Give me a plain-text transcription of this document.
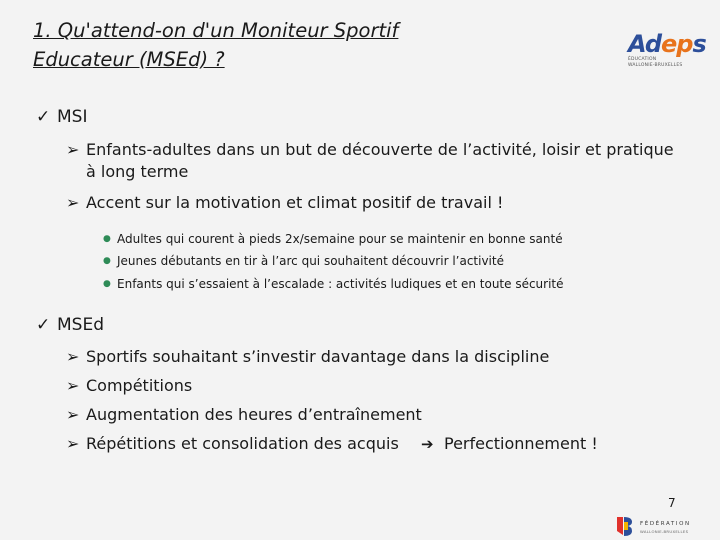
1. Qu'attend-on d'un Moniteur Sportif
Educateur (MSEd) ?
Adeps
ÉDUCATION
WALLONIE-BRUXELLES
✓ MSI
➢ Enfants-adultes dans un but de découverte de l’activité, loisir et pratique
à long terme
➢ Accent sur la motivation et climat positif de travail !
● Adultes qui courent à pieds 2x/semaine pour se maintenir en bonne santé
● Jeunes débutants en tir à l’arc qui souhaitent découvrir l’activité
● Enfants qui s’essaient à l’escalade : activités ludiques et en toute sécurité
✓ MSEd
➢ Sportifs souhaitant s’investir davantage dans la discipline
➢ Compétitions
➢ Augmentation des heures d’entraînement
➢ Répétitions et consolidation des acquis ➔ Perfectionnement !
7
FÉDÉRATION
WALLONIE-BRUXELLES
